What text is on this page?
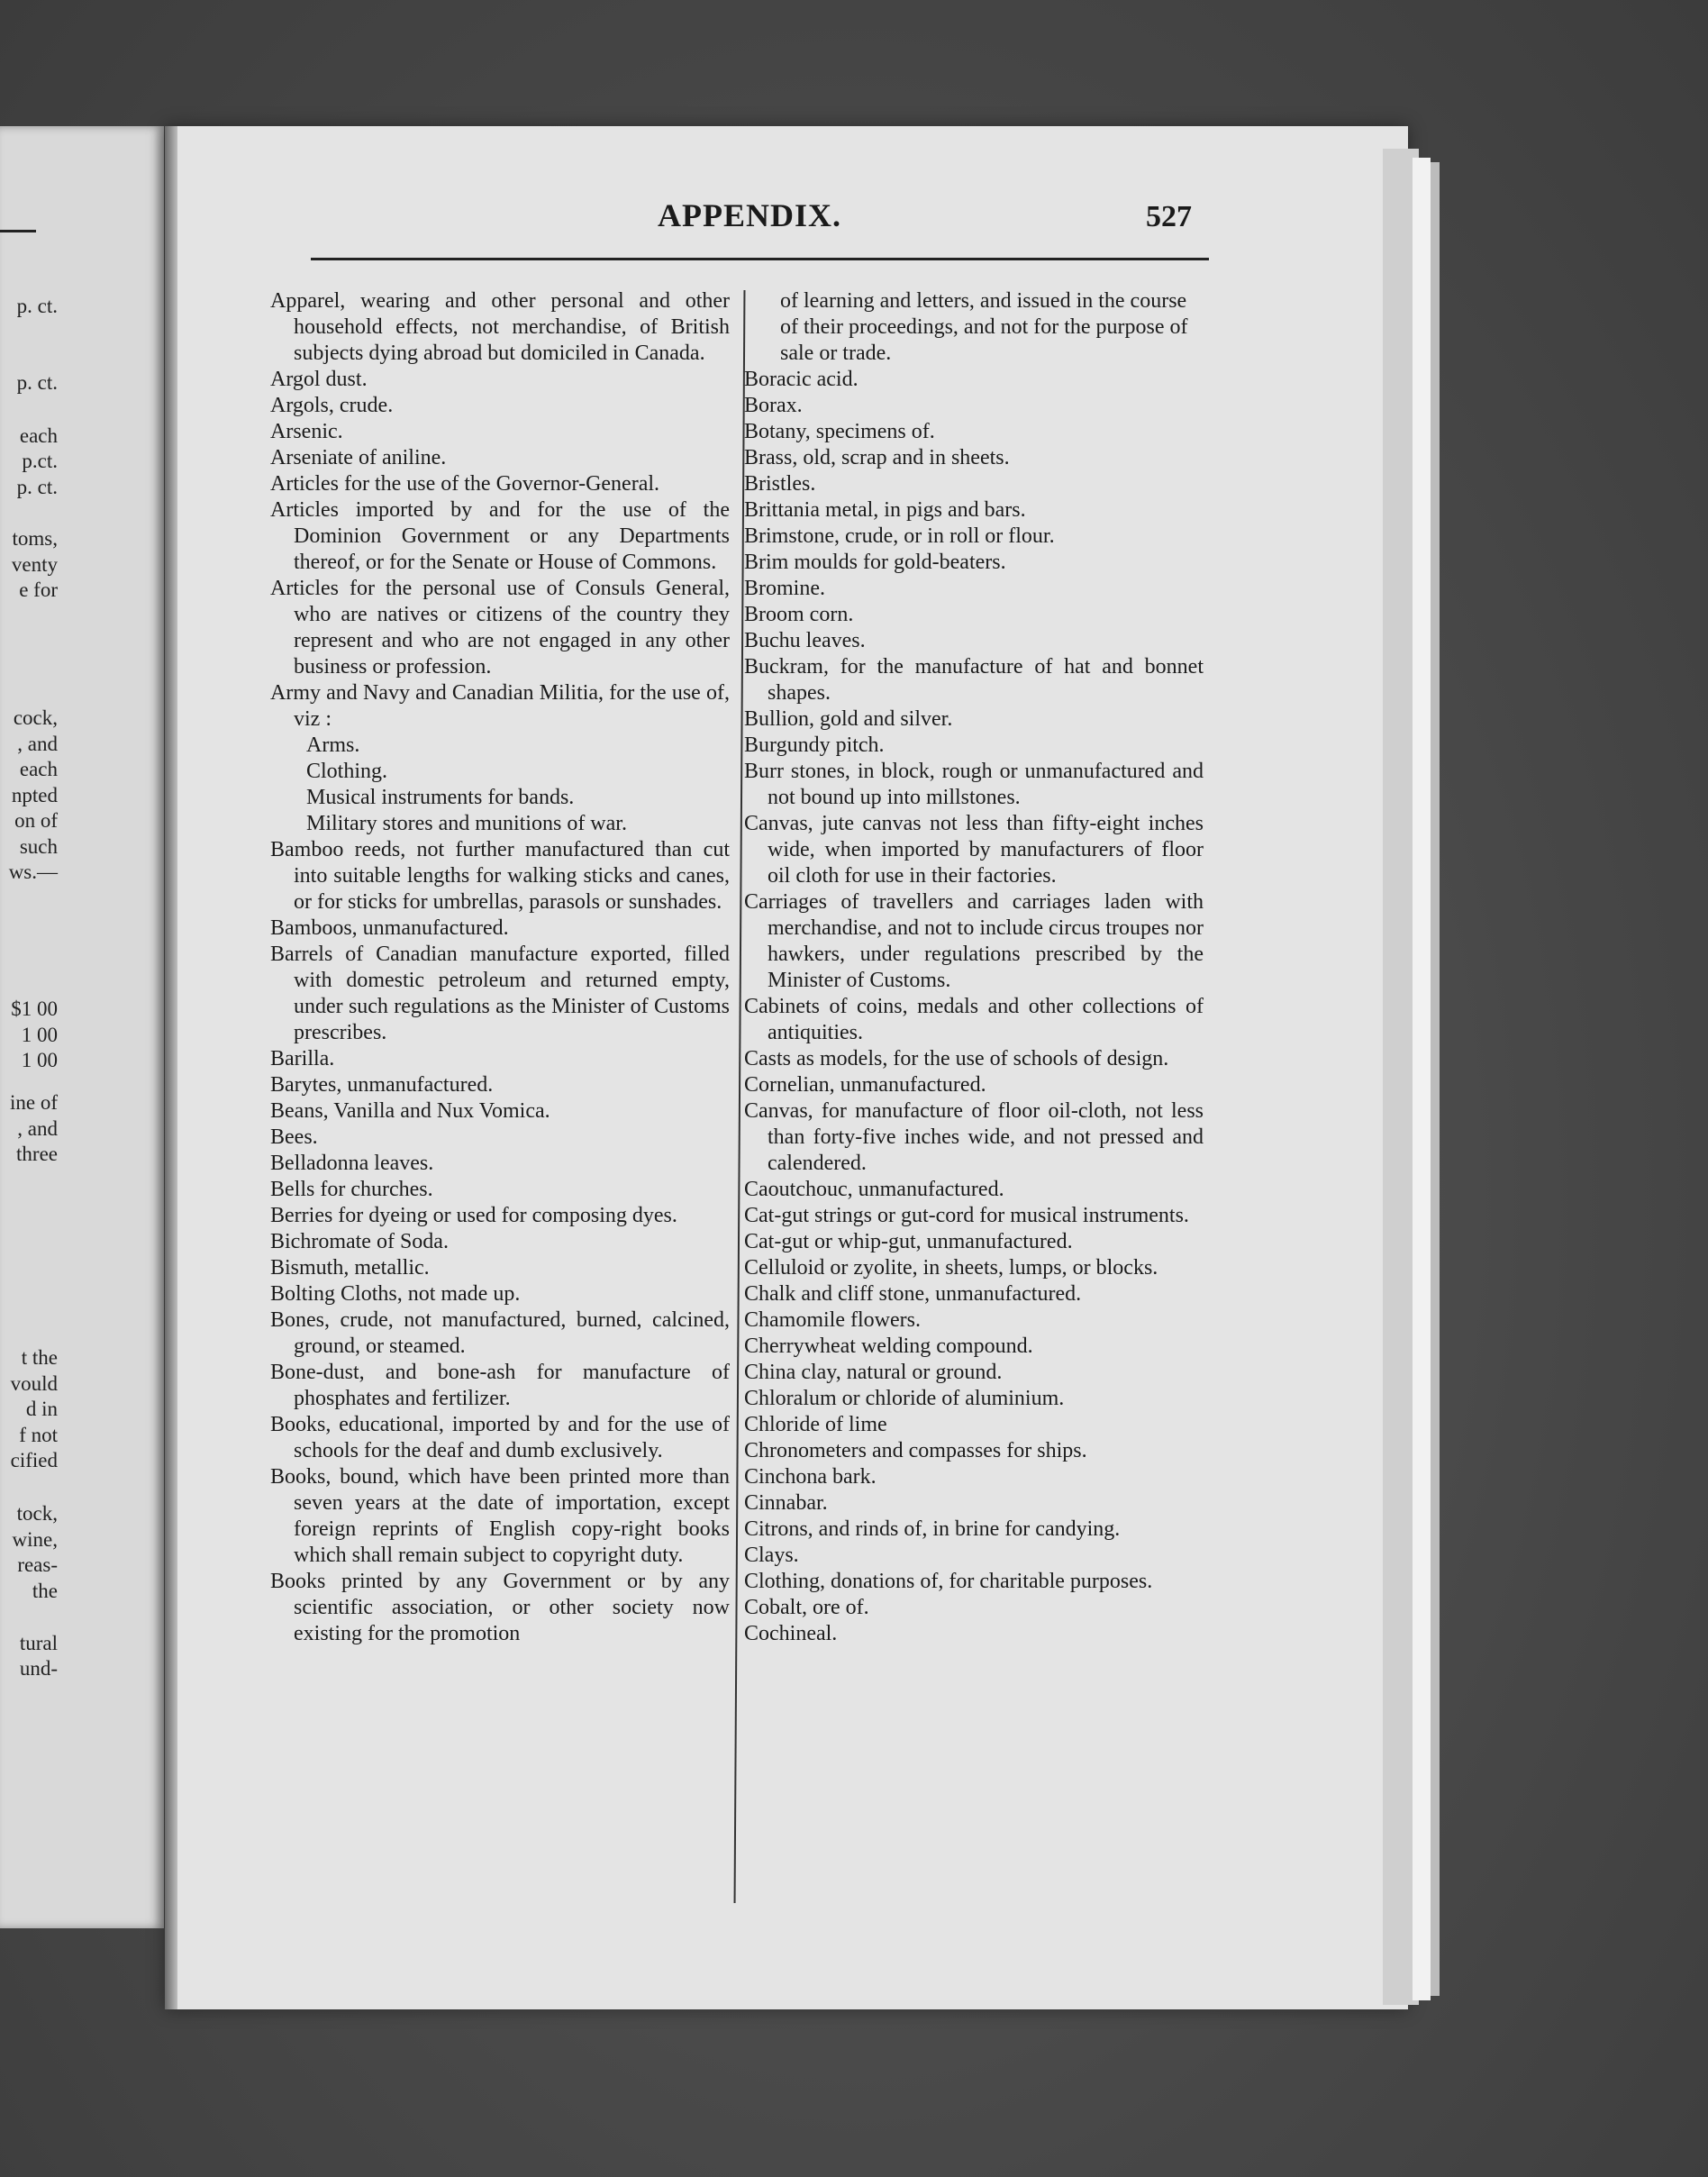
p. ct.
p. ct.
each
p.ct.
p. ct.
toms,
venty
e for
cock,
, and
each
npted
on of
such
ws.—
$1 00
1 00
1 00
ine of
, and
three
t the
vould
d in
f not
cified
tock,
wine,
reas-
the
tural
und-
APPENDIX.	527

Apparel, wearing and other personal and other household effects, not merchandise, of British subjects dying abroad but domiciled in Canada.

Argol dust.

Argols, crude.

Arsenic.

Arseniate of aniline.

Articles for the use of the Governor-General.

Articles imported by and for the use of the Dominion Government or any Departments thereof, or for the Senate or House of Commons.

Articles for the personal use of Consuls General, who are natives or citizens of the country they represent and who are not engaged in any other business or profession.

Army and Navy and Canadian Militia, for the use of, viz :

Arms.

Clothing.

Musical instruments for bands.

Military stores and munitions of war.

Bamboo reeds, not further manufactured than cut into suitable lengths for walking sticks and canes, or for sticks for umbrellas, parasols or sunshades.

Bamboos, unmanufactured.

Barrels of Canadian manufacture exported, filled with domestic petroleum and returned empty, under such regulations as the Minister of Customs prescribes.

Barilla.

Barytes, unmanufactured.

Beans, Vanilla and Nux Vomica.

Bees.

Belladonna leaves.

Bells for churches.

Berries for dyeing or used for composing dyes.

Bichromate of Soda.

Bismuth, metallic.

Bolting Cloths, not made up.

Bones, crude, not manufactured, burned, calcined, ground, or steamed.

Bone-dust, and bone-ash for manufacture of phosphates and fertilizer.

Books, educational, imported by and for the use of schools for the deaf and dumb exclusively.

Books, bound, which have been printed more than seven years at the date of importation, except foreign reprints of English copy-right books which shall remain subject to copyright duty.

Books printed by any Government or by any scientific association, or other society now existing for the promotion

of learning and letters, and issued in the course of their proceedings, and not for the purpose of sale or trade.

Boracic acid.

Borax.

Botany, specimens of.

Brass, old, scrap and in sheets.

Bristles.

Brittania metal, in pigs and bars.

Brimstone, crude, or in roll or flour.

Brim moulds for gold-beaters.

Bromine.

Broom corn.

Buchu leaves.

Buckram, for the manufacture of hat and bonnet shapes.

Bullion, gold and silver.

Burgundy pitch.

Burr stones, in block, rough or unmanufactured and not bound up into millstones.

Canvas, jute canvas not less than fifty-eight inches wide, when imported by manufacturers of floor oil cloth for use in their factories.

Carriages of travellers and carriages laden with merchandise, and not to include circus troupes nor hawkers, under regulations prescribed by the Minister of Customs.

Cabinets of coins, medals and other collections of antiquities.

Casts as models, for the use of schools of design.

Cornelian, unmanufactured.

Canvas, for manufacture of floor oil-cloth, not less than forty-five inches wide, and not pressed and calendered.

Caoutchouc, unmanufactured.

Cat-gut strings or gut-cord for musical instruments.

Cat-gut or whip-gut, unmanufactured.

Celluloid or zyolite, in sheets, lumps, or blocks.

Chalk and cliff stone, unmanufactured.

Chamomile flowers.

Cherrywheat welding compound.

China clay, natural or ground.

Chloralum or chloride of aluminium.

Chloride of lime

Chronometers and compasses for ships.

Cinchona bark.

Cinnabar.

Citrons, and rinds of, in brine for candying.

Clays.

Clothing, donations of, for charitable purposes.

Cobalt, ore of.

Cochineal.
